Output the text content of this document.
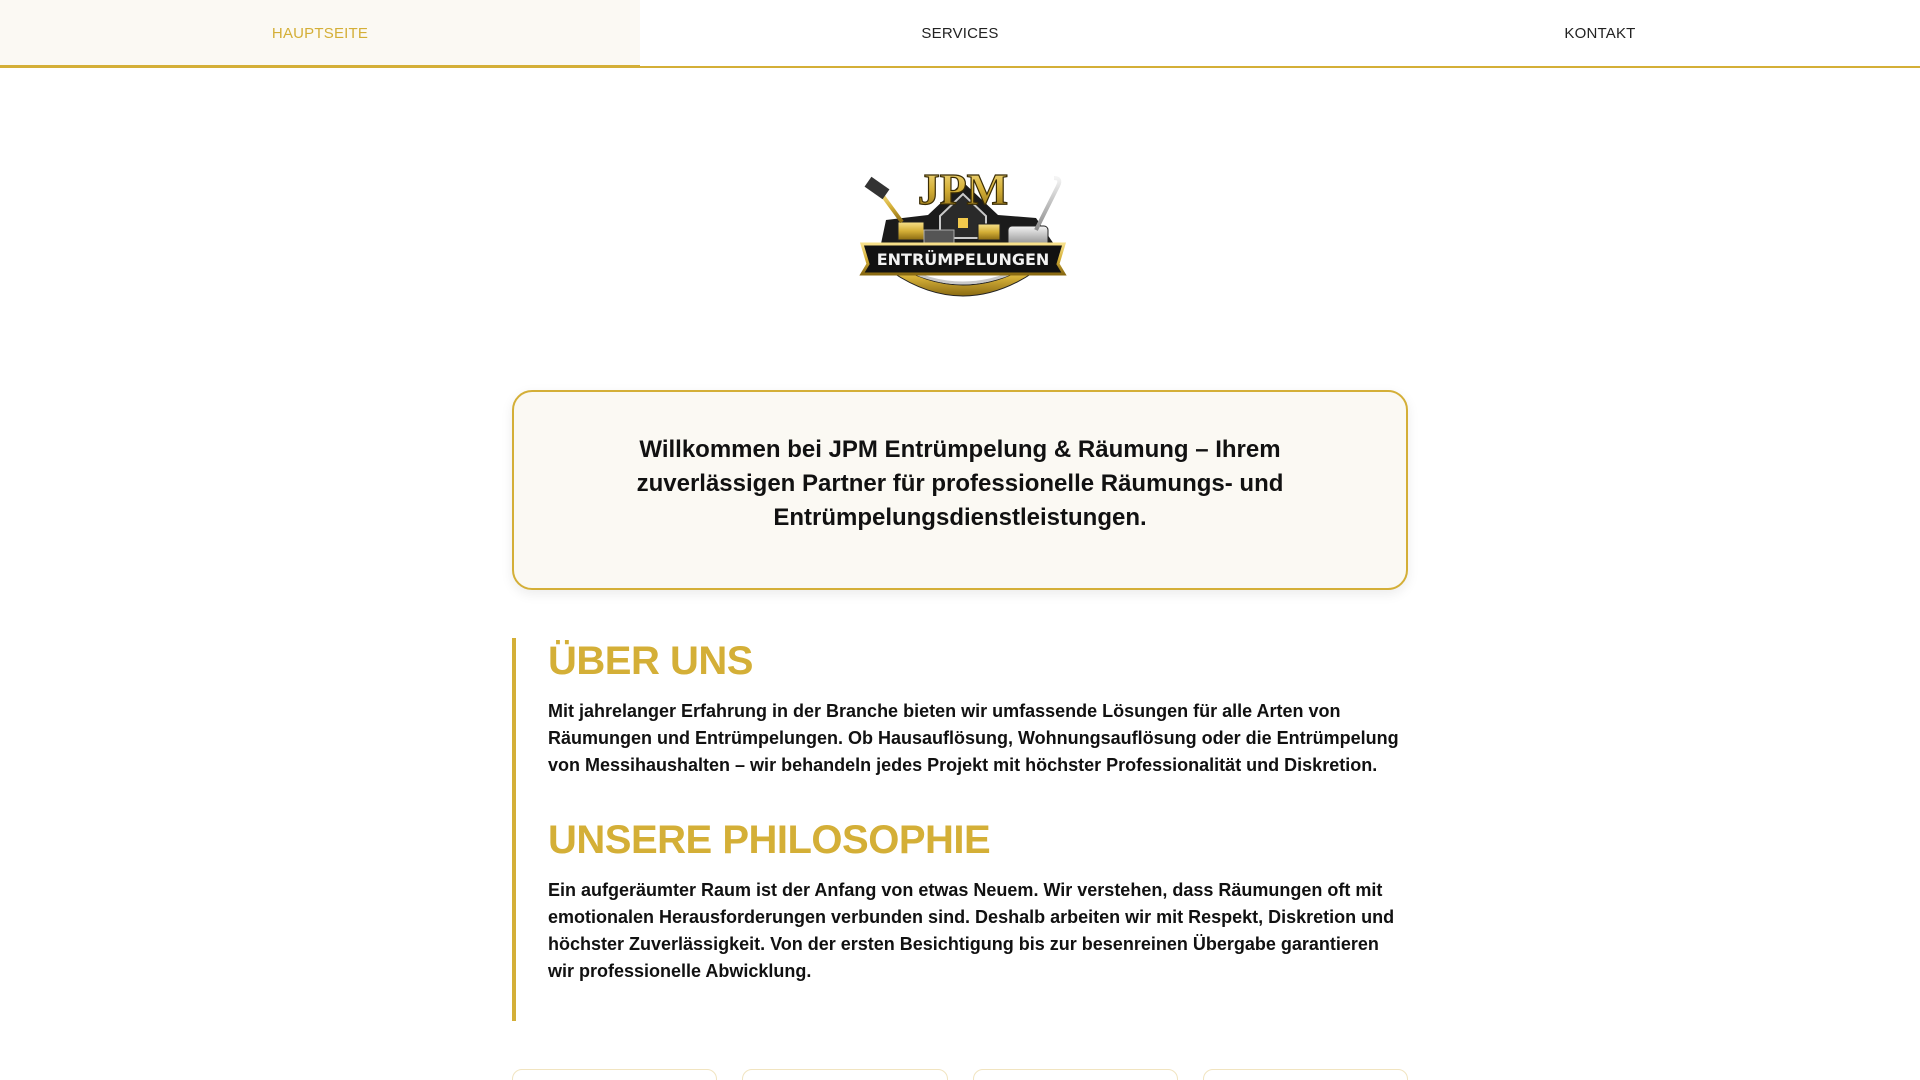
HAUPTSEITE	SERVICES	KONTAKT
JPM
ENTRÜMPELUNGEN

Willkommen bei JPM Entrümpelung & Räumung – Ihrem zuverlässigen Partner für professionelle Räumungs- und Entrümpelungsdienstleistungen.

ÜBER UNS

Mit jahrelanger Erfahrung in der Branche bieten wir umfassende Lösungen für alle Arten von Räumungen und Entrümpelungen. Ob Hausauflösung, Wohnungsauflösung oder die Entrümpelung von Messihaushalten – wir behandeln jedes Projekt mit höchster Professionalität und Diskretion.

UNSERE PHILOSOPHIE

Ein aufgeräumter Raum ist der Anfang von etwas Neuem. Wir verstehen, dass Räumungen oft mit emotionalen Herausforderungen verbunden sind. Deshalb arbeiten wir mit Respekt, Diskretion und höchster Zuverlässigkeit. Von der ersten Besichtigung bis zur besenreinen Übergabe garantieren wir professionelle Abwicklung.
